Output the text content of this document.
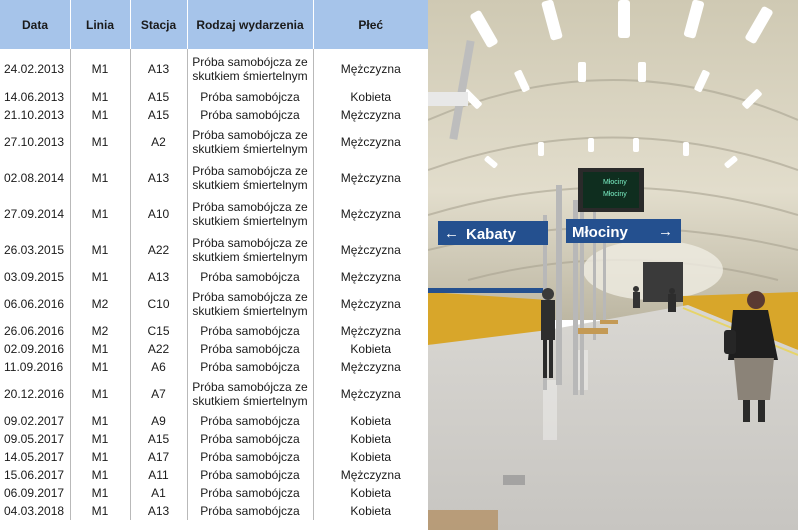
Data	Linia	Stacja	Rodzaj wydarzenia	Płeć
24.02.2013	M1	A13	Próba samobójcza ze
skutkiem śmiertelnym	Mężczyzna
14.06.2013	M1	A15	Próba samobójcza	Kobieta
21.10.2013	M1	A15	Próba samobójcza	Mężczyzna
27.10.2013	M1	A2	Próba samobójcza ze
skutkiem śmiertelnym	Mężczyzna
02.08.2014	M1	A13	Próba samobójcza ze
skutkiem śmiertelnym	Mężczyzna
27.09.2014	M1	A10	Próba samobójcza ze
skutkiem śmiertelnym	Mężczyzna
26.03.2015	M1	A22	Próba samobójcza ze
skutkiem śmiertelnym	Mężczyzna
03.09.2015	M1	A13	Próba samobójcza	Mężczyzna
06.06.2016	M2	C10	Próba samobójcza ze
skutkiem śmiertelnym	Mężczyzna
26.06.2016	M2	C15	Próba samobójcza	Mężczyzna
02.09.2016	M1	A22	Próba samobójcza	Kobieta
11.09.2016	M1	A6	Próba samobójcza	Mężczyzna
20.12.2016	M1	A7	Próba samobójcza ze
skutkiem śmiertelnym	Mężczyzna
09.02.2017	M1	A9	Próba samobójcza	Kobieta
09.05.2017	M1	A15	Próba samobójcza	Kobieta
14.05.2017	M1	A17	Próba samobójcza	Kobieta
15.06.2017	M1	A11	Próba samobójcza	Mężczyzna
06.09.2017	M1	A1	Próba samobójcza	Kobieta
04.03.2018	M1	A13	Próba samobójcza	Kobieta
Młociny
Młociny
← Kabaty	Młociny →
